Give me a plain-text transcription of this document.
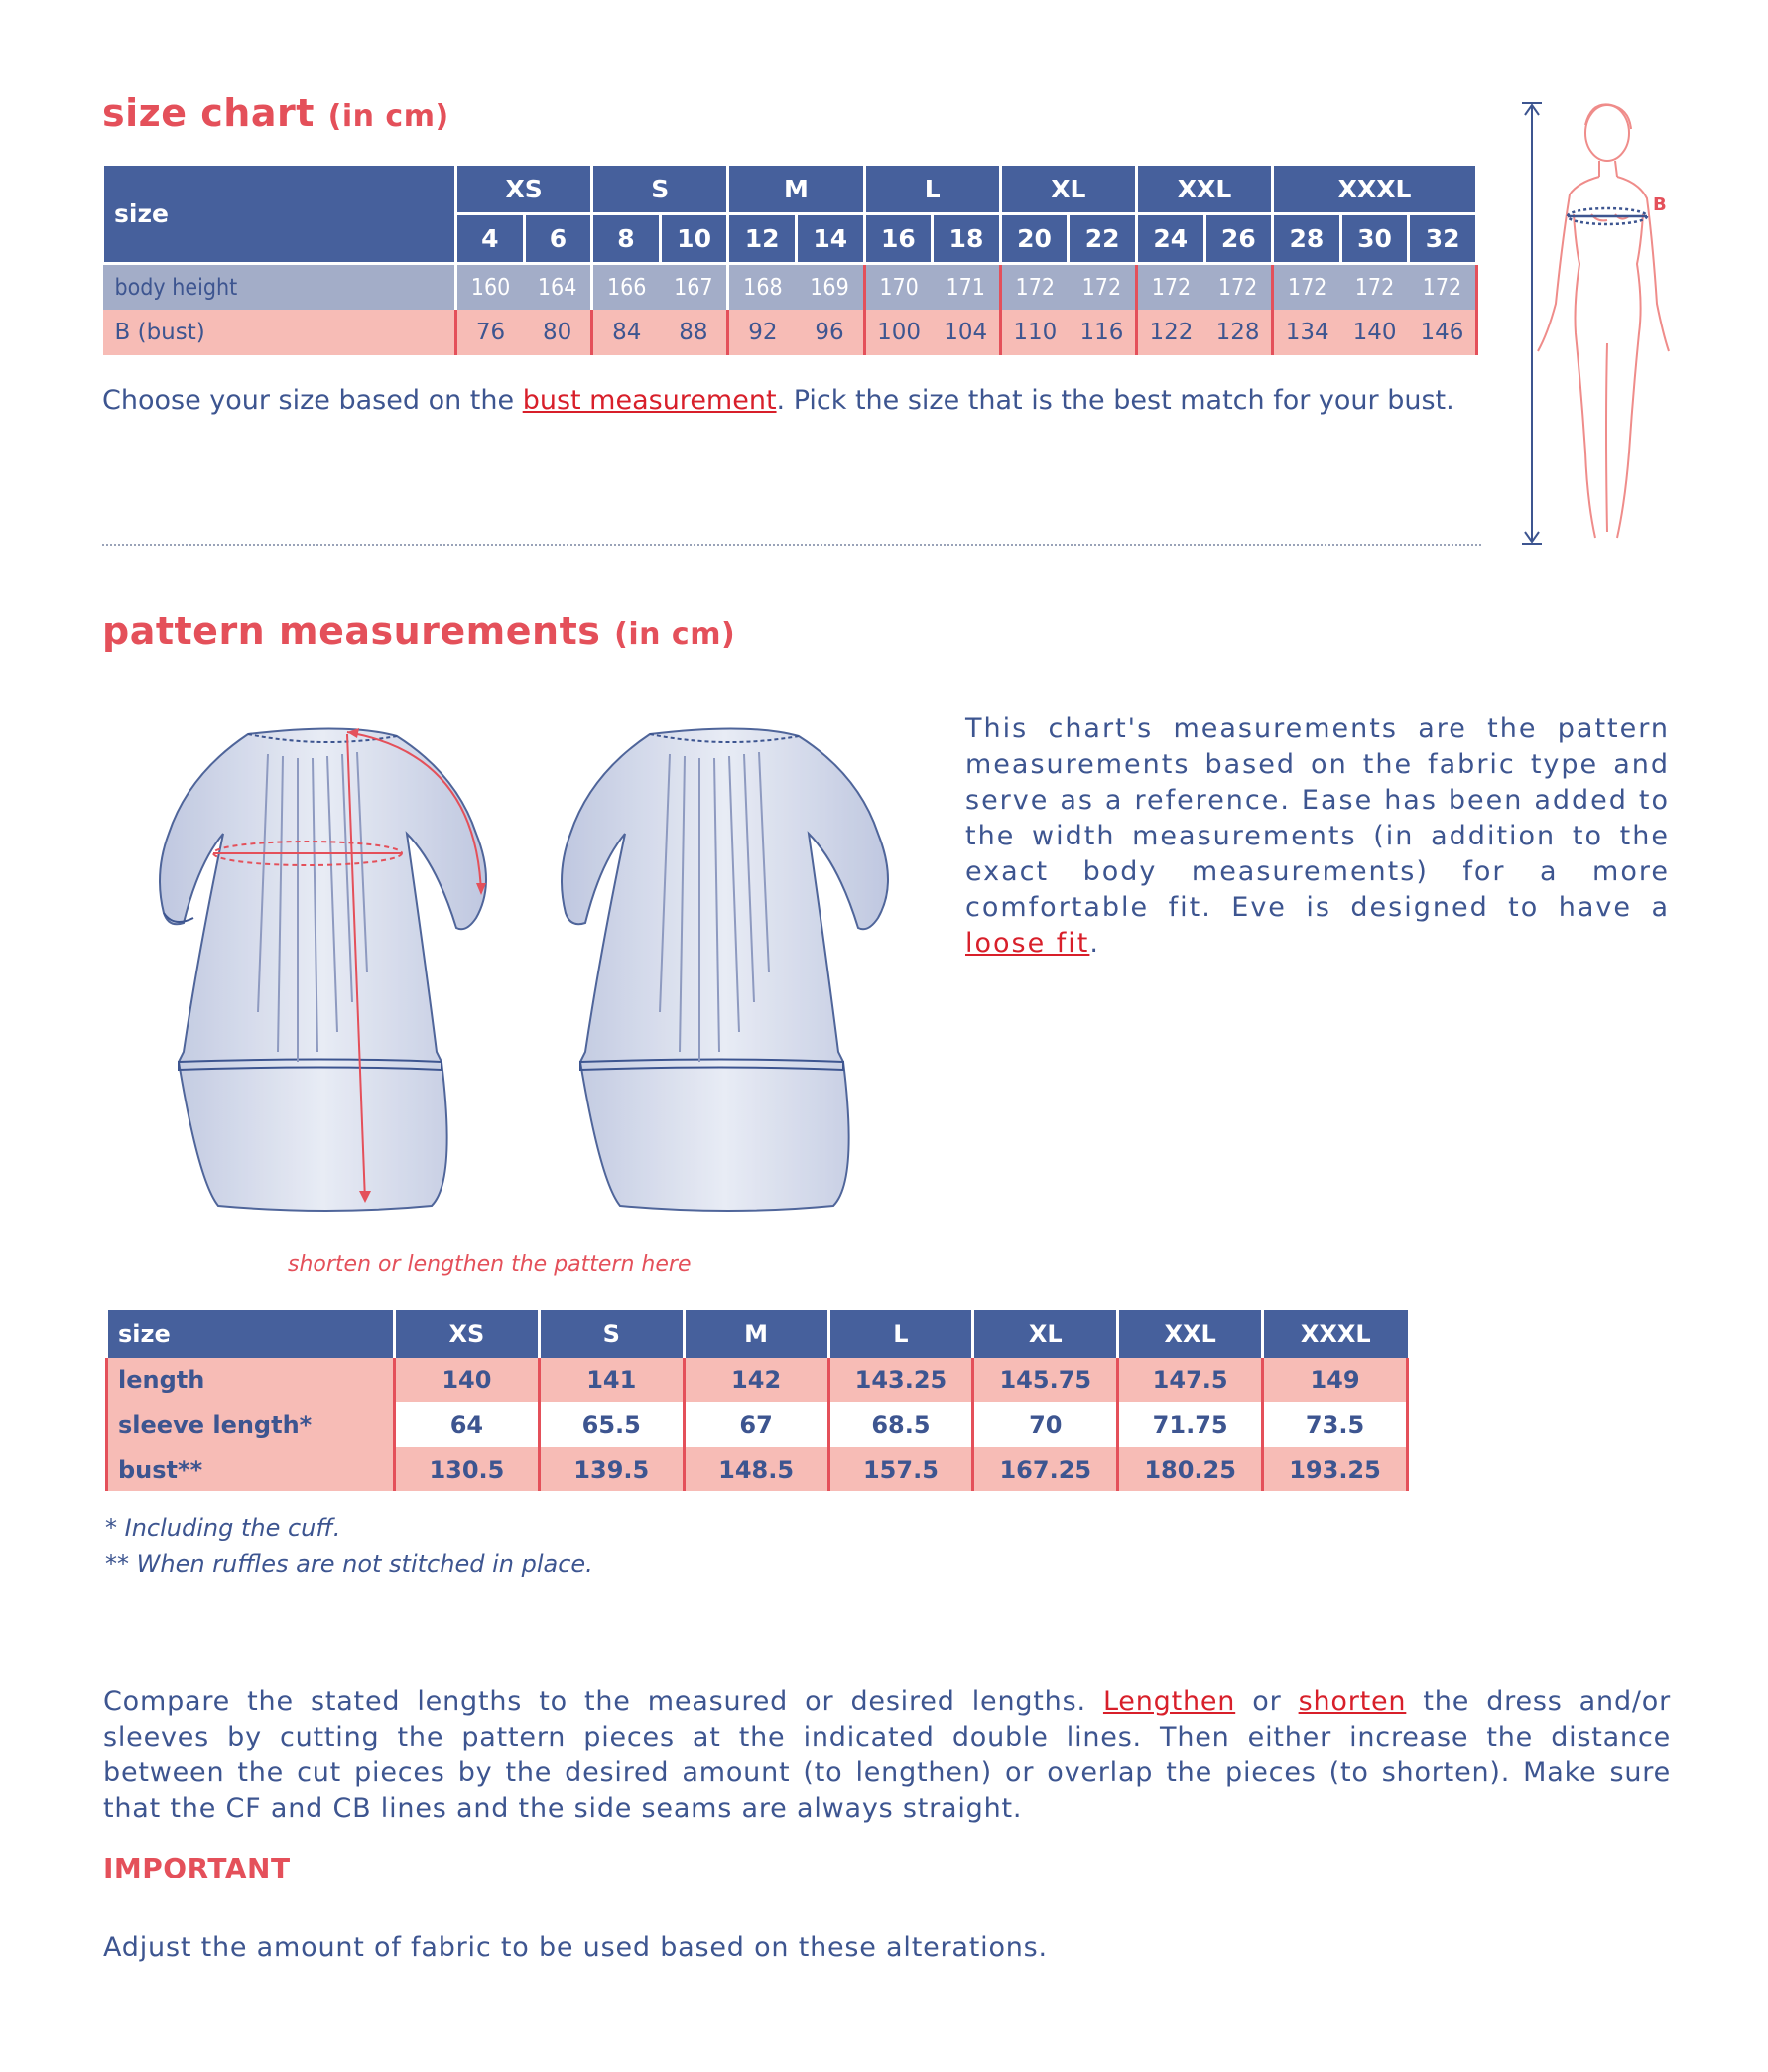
size chart (in cm)
size	XS		S		M		L		XL		XXL		XXXL		
	4	6	8	10	12	14	16	18	20	22	24	26	28	30	32
body height	160	164	166	167	168	169	170	171	172	172	172	172	172	172	172
B (bust)	76	80	84	88	92	96	100	104	110	116	122	128	134	140	146
Choose your size based on the bust measurement. Pick the size that is the best match for your bust.
B
pattern measurements (in cm)
shorten or lengthen the pattern here
This chart's measurements are the pattern measurements based on the fabric type and serve as a reference. Ease has been added to the width measurements (in addition to the exact body measurements) for a more comfortable fit. Eve is designed to have a loose fit.
size	XS	S	M	L	XL	XXL	XXXL
length	140	141	142	143.25	145.75	147.5	149
sleeve length*	64	65.5	67	68.5	70	71.75	73.5
bust**	130.5	139.5	148.5	157.5	167.25	180.25	193.25
* Including the cuff.
** When ruffles are not stitched in place.
Compare the stated lengths to the measured or desired lengths. Lengthen or shorten the dress and/or sleeves by cutting the pattern pieces at the indicated double lines. Then either increase the distance between the cut pieces by the desired amount (to lengthen) or overlap the pieces (to shorten). Make sure that the CF and CB lines and the side seams are always straight.
IMPORTANT
Adjust the amount of fabric to be used based on these alterations.
